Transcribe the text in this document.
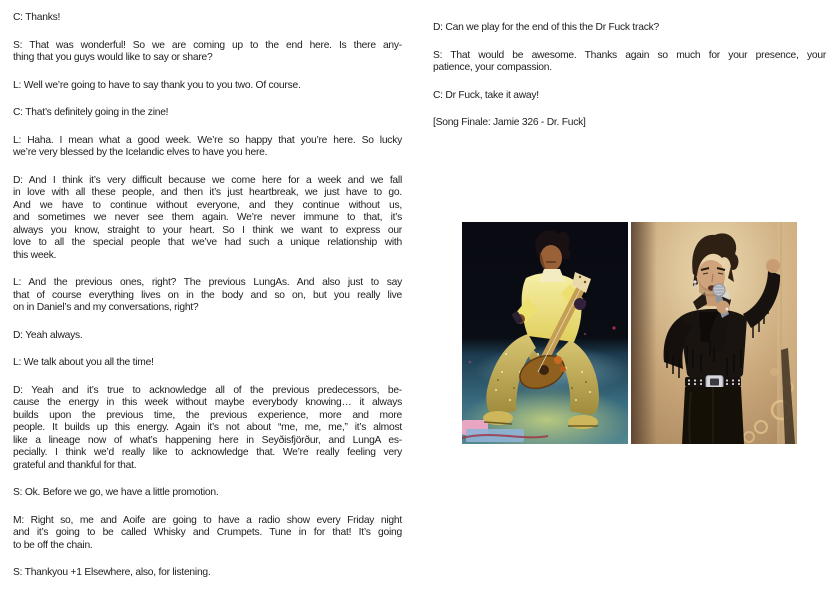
C: Thanks!
S: That was wonderful! So we are coming up to the end here. Is there any-
thing that you guys would like to say or share?
L: Well we’re going to have to say thank you to you two. Of course.
C: That’s definitely going in the zine!
L: Haha. I mean what a good week. We’re so happy that you’re here. So lucky
we’re very blessed by the Icelandic elves to have you here.
D: And I think it’s very difficult because we come here for a week and we fall
in love with all these people, and then it’s just heartbreak, we just have to go.
And we have to continue without everyone, and they continue without us,
and sometimes we never see them again. We’re never immune to that, it’s
always you know, straight to your heart. So I think we want to express our
love to all the special people that we’ve had such a unique relationship with
this week.
L: And the previous ones, right? The previous LungAs. And also just to say
that of course everything lives on in the body and so on, but you really live
on in Daniel’s and my conversations, right?
D: Yeah always.
L: We talk about you all the time!
D: Yeah and it’s true to acknowledge all of the previous predecessors, be-
cause the energy in this week without maybe everybody knowing… it always
builds upon the previous time, the previous experience, more and more
people. It builds up this energy. Again it’s not about “me, me, me,” it’s almost
like a lineage now of what’s happening here in Seyðisfjörður, and LungA es-
pecially. I think we’d really like to acknowledge that. We’re really feeling very
grateful and thankful for that.
S: Ok. Before we go, we have a little promotion.
M: Right so, me and Aoife are going to have a radio show every Friday night
and it’s going to be called Whisky and Crumpets. Tune in for that! It’s going
to be off the chain.
S: Thankyou +1 Elsewhere, also, for listening.
D: Can we play for the end of this the Dr Fuck track?
S: That would be awesome. Thanks again so much for your presence, your
patience, your compassion.
C: Dr Fuck, take it away!
[Song Finale: Jamie 326 - Dr. Fuck]
